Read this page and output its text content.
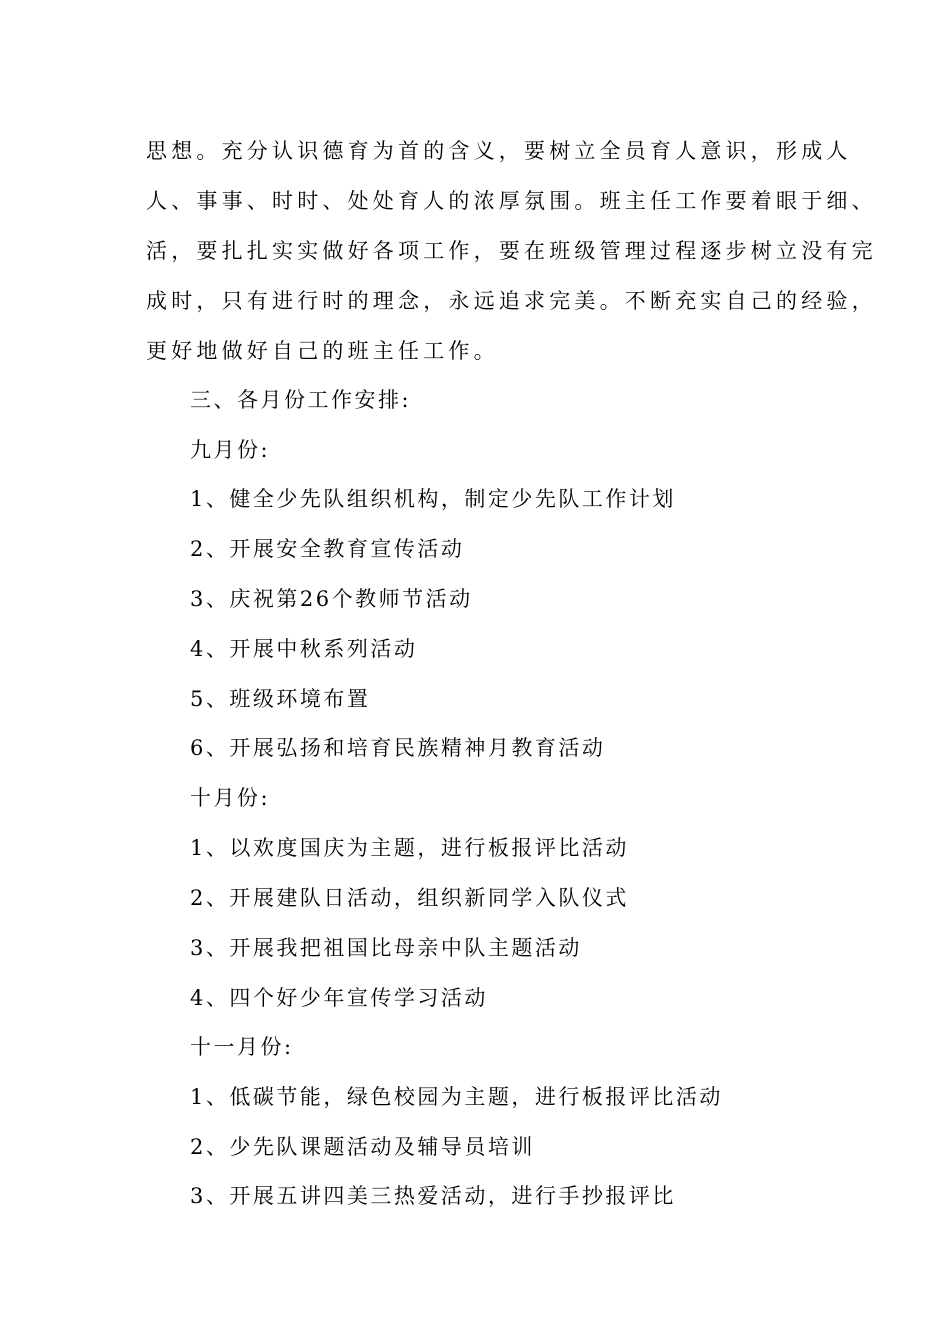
思想。充分认识德育为首的含义，要树立全员育人意识，形成人
人、事事、时时、处处育人的浓厚氛围。班主任工作要着眼于细、
活，要扎扎实实做好各项工作，要在班级管理过程逐步树立没有完
成时，只有进行时的理念，永远追求完美。不断充实自己的经验，
更好地做好自己的班主任工作。
三、各月份工作安排:
九月份:
1、健全少先队组织机构，制定少先队工作计划
2、开展安全教育宣传活动
3、庆祝第26个教师节活动
4、开展中秋系列活动
5、班级环境布置
6、开展弘扬和培育民族精神月教育活动
十月份:
1、以欢度国庆为主题，进行板报评比活动
2、开展建队日活动，组织新同学入队仪式
3、开展我把祖国比母亲中队主题活动
4、四个好少年宣传学习活动
十一月份:
1、低碳节能，绿色校园为主题，进行板报评比活动
2、少先队课题活动及辅导员培训
3、开展五讲四美三热爱活动，进行手抄报评比
